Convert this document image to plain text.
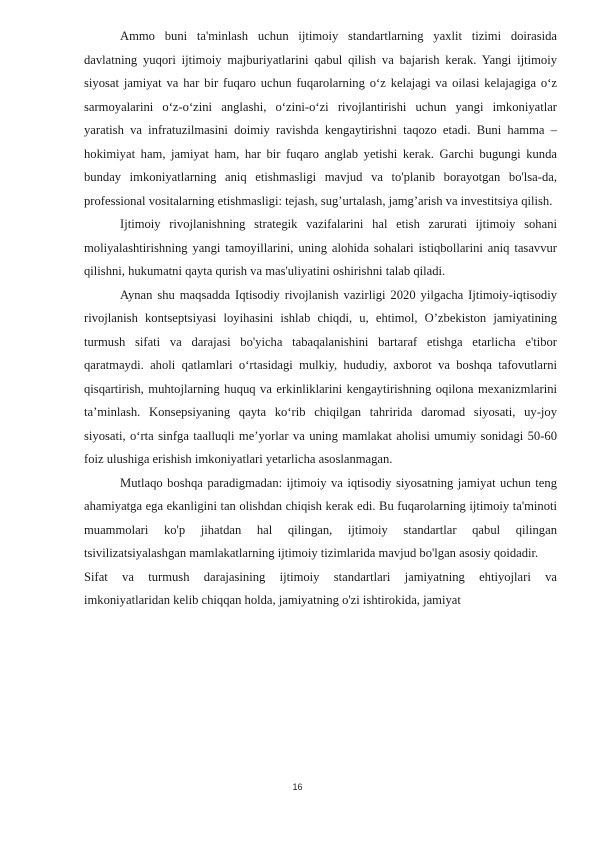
Ammo buni ta'minlash uchun ijtimoiy standartlarning yaxlit tizimi doirasida davlatning yuqori ijtimoiy majburiyatlarini qabul qilish va bajarish kerak. Yangi ijtimoiy siyosat jamiyat va har bir fuqaro uchun fuqarolarning o‘z kelajagi va oilasi kelajagiga o‘z sarmoyalarini o‘z-o‘zini anglashi, o‘zini-o‘zi rivojlantirishi uchun yangi imkoniyatlar yaratish va infratuzilmasini doimiy ravishda kengaytirishni taqozo etadi. Buni hamma – hokimiyat ham, jamiyat ham, har bir fuqaro anglab yetishi kerak. Garchi bugungi kunda bunday imkoniyatlarning aniq etishmasligi mavjud va to'planib borayotgan bo'lsa-da, professional vositalarning etishmasligi: tejash, sug’urtalash, jamg’arish va investitsiya qilish.

Ijtimoiy rivojlanishning strategik vazifalarini hal etish zarurati ijtimoiy sohani moliyalashtirishning yangi tamoyillarini, uning alohida sohalari istiqbollarini aniq tasavvur qilishni, hukumatni qayta qurish va mas'uliyatini oshirishni talab qiladi.

Aynan shu maqsadda Iqtisodiy rivojlanish vazirligi 2020 yilgacha Ijtimoiy-iqtisodiy rivojlanish kontseptsiyasi loyihasini ishlab chiqdi, u, ehtimol, O’zbekiston jamiyatining turmush sifati va darajasi bo'yicha tabaqalanishini bartaraf etishga etarlicha e'tibor qaratmaydi. aholi qatlamlari o‘rtasidagi mulkiy, hududiy, axborot va boshqa tafovutlarni qisqartirish, muhtojlarning huquq va erkinliklarini kengaytirishning oqilona mexanizmlarini ta’minlash. Konsepsiyaning qayta ko‘rib chiqilgan tahririda daromad siyosati, uy-joy siyosati, o‘rta sinfga taalluqli me’yorlar va uning mamlakat aholisi umumiy sonidagi 50-60 foiz ulushiga erishish imkoniyatlari yetarlicha asoslanmagan.

Mutlaqo boshqa paradigmadan: ijtimoiy va iqtisodiy siyosatning jamiyat uchun teng ahamiyatga ega ekanligini tan olishdan chiqish kerak edi. Bu fuqarolarning ijtimoiy ta'minoti muammolari ko'p jihatdan hal qilingan, ijtimoiy standartlar qabul qilingan tsivilizatsiyalashgan mamlakatlarning ijtimoiy tizimlarida mavjud bo'lgan asosiy qoidadir.

Sifat va turmush darajasining ijtimoiy standartlari jamiyatning ehtiyojlari va imkoniyatlaridan kelib chiqqan holda, jamiyatning o'zi ishtirokida, jamiyat

16
